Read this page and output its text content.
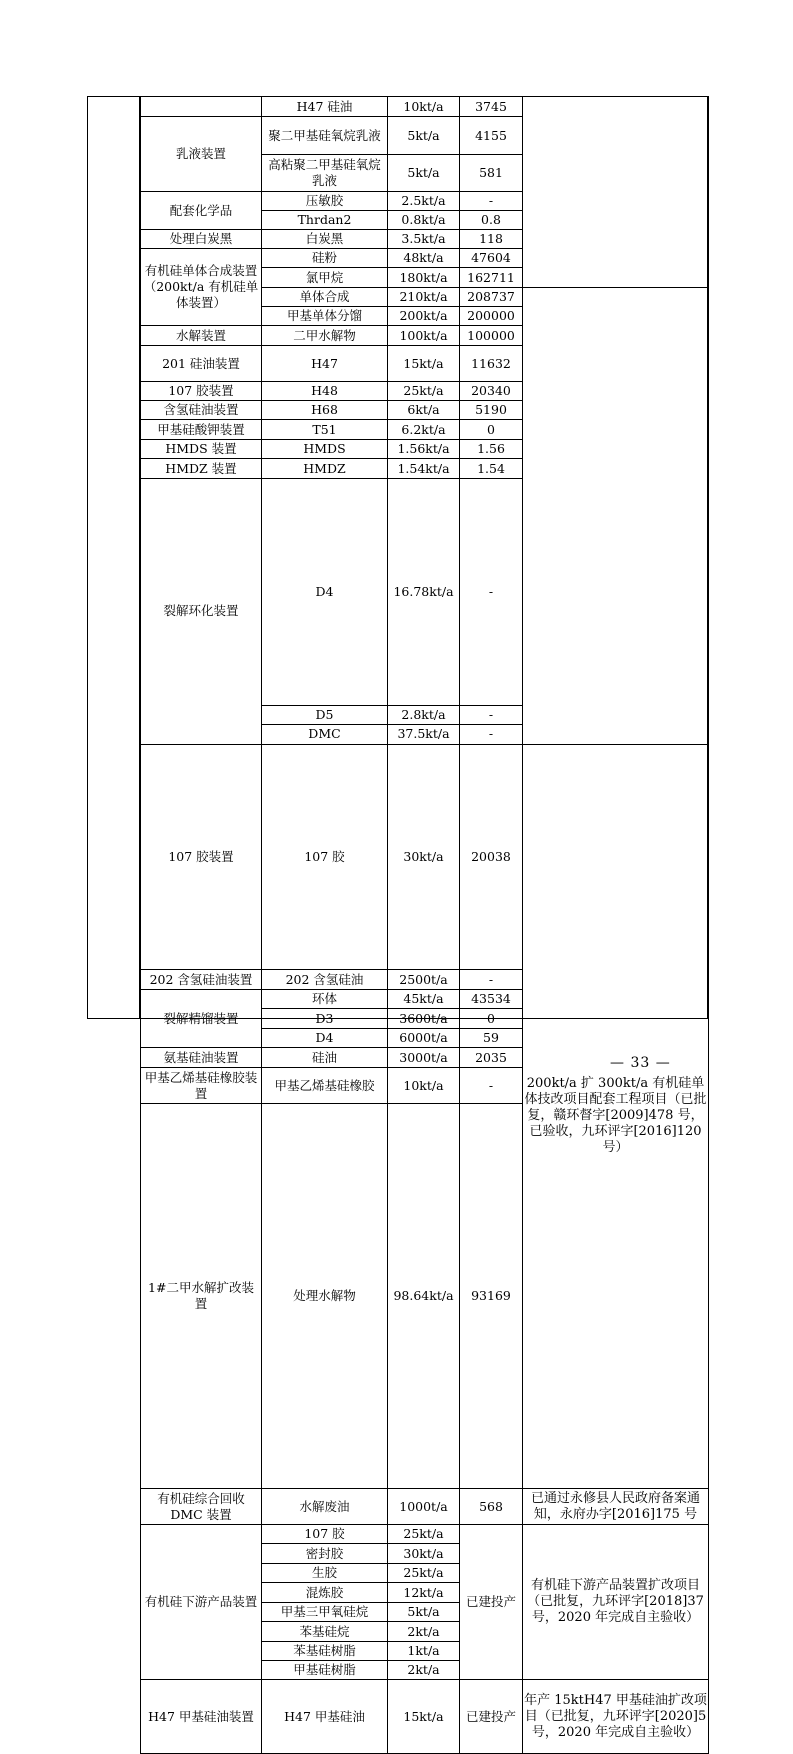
	H47 硅油	10kt/a	3745		
乳液装置	聚二甲基硅氧烷乳液	5kt/a	4155		
	高粘聚二甲基硅氧烷乳液	5kt/a	581		
配套化学品	压敏胶	2.5kt/a	-		
	Thrdan2	0.8kt/a	0.8		
处理白炭黑	白炭黑	3.5kt/a	118		
有机硅单体合成装置（200kt/a 有机硅单体装置）	硅粉	48kt/a	47604	
	氯甲烷	180kt/a	162711		
	单体合成	210kt/a	208737		
	甲基单体分馏	200kt/a	200000		
水解装置	二甲水解物	100kt/a	100000		
201 硅油装置	H47	15kt/a	11632		
107 胶装置	H48	25kt/a	20340		
含氢硅油装置	H68	6kt/a	5190		
甲基硅酸钾装置	T51	6.2kt/a	0		
HMDS 装置	HMDS	1.56kt/a	1.56		
HMDZ 装置	HMDZ	1.54kt/a	1.54		
裂解环化装置	D4	16.78kt/a	-		
	D5	2.8kt/a	-		
	DMC	37.5kt/a	-		
107 胶装置	107 胶	30kt/a	20038	200kt/a 扩 300kt/a 有机硅单体技改项目配套工程项目（已批复，赣环督字[2009]478 号，已验收，九环评字[2016]120 号）	
202 含氢硅油装置	202 含氢硅油	2500t/a	-		
裂解精馏装置	环体	45kt/a	43534		
	D3	3600t/a	0		
	D4	6000t/a	59		
氨基硅油装置	硅油	3000t/a	2035		
甲基乙烯基硅橡胶装置	甲基乙烯基硅橡胶	10kt/a	-		
1#二甲水解扩改装置	处理水解物	98.64kt/a	93169	
有机硅综合回收 DMC 装置	水解废油	1000t/a	568	已通过永修县人民政府备案通知，永府办字[2016]175 号	
有机硅下游产品装置	107 胶	25kt/a	已建投产	有机硅下游产品装置扩改项目（已批复，九环评字[2018]37 号，2020 年完成自主验收）	
	密封胶	30kt/a			
	生胶	25kt/a			
	混炼胶	12kt/a			
	甲基三甲氧硅烷	5kt/a			
	苯基硅烷	2kt/a			
	苯基硅树脂	1kt/a			
	甲基硅树脂	2kt/a			
H47 甲基硅油装置	H47 甲基硅油	15kt/a	已建投产	年产 15ktH47 甲基硅油扩改项目（已批复，九环评字[2020]5 号，2020 年完成自主验收）	
— 33 —
